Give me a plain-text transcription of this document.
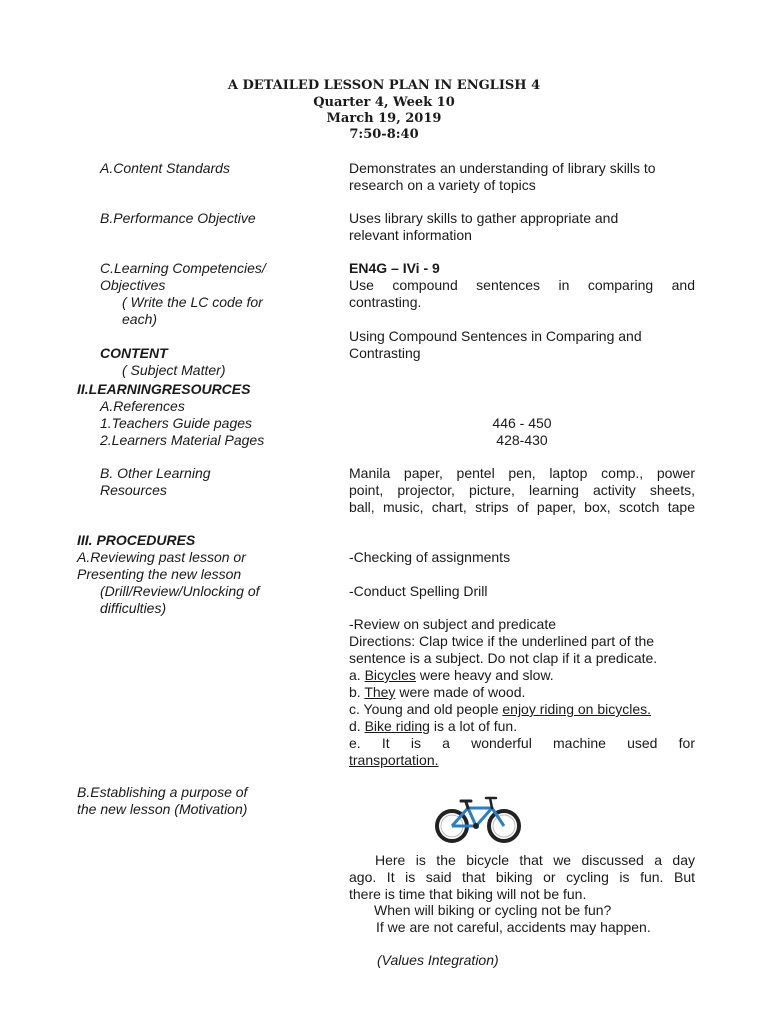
A DETAILED LESSON PLAN IN ENGLISH 4
Quarter 4, Week 10
March 19, 2019
7:50-8:40
A.Content Standards	Demonstrates an understanding of library skills to
research on a variety of topics
B.Performance Objective	Uses library skills to gather appropriate and
relevant information
C.Learning Competencies/
Objectives
( Write the LC code for
each)
EN4G – IVi - 9
Use compound sentences in comparing and
contrasting.
Using Compound Sentences in Comparing and
Contrasting
CONTENT
( Subject Matter)
II.LEARNINGRESOURCES
A.References
1.Teachers Guide pages
2.Learners Material Pages
446 - 450
428-430
B. Other Learning
Resources
Manila paper, pentel pen, laptop comp., power
point, projector, picture, learning activity sheets,
ball, music, chart, strips of paper, box, scotch tape
III. PROCEDURES
A.Reviewing past lesson or
Presenting the new lesson
(Drill/Review/Unlocking of
difficulties)
-Checking of assignments
-Conduct Spelling Drill
-Review on subject and predicate
Directions: Clap twice if the underlined part of the
sentence is a subject. Do not clap if it a predicate.
a. Bicycles were heavy and slow.
b. They were made of wood.
c. Young and old people enjoy riding on bicycles.
d. Bike riding is a lot of fun.
e. It is a wonderful machine used for
transportation.
B.Establishing a purpose of
the new lesson (Motivation)
Here is the bicycle that we discussed a day
ago. It is said that biking or cycling is fun. But
there is time that biking will not be fun.
When will biking or cycling not be fun?
If we are not careful, accidents may happen.
(Values Integration)
